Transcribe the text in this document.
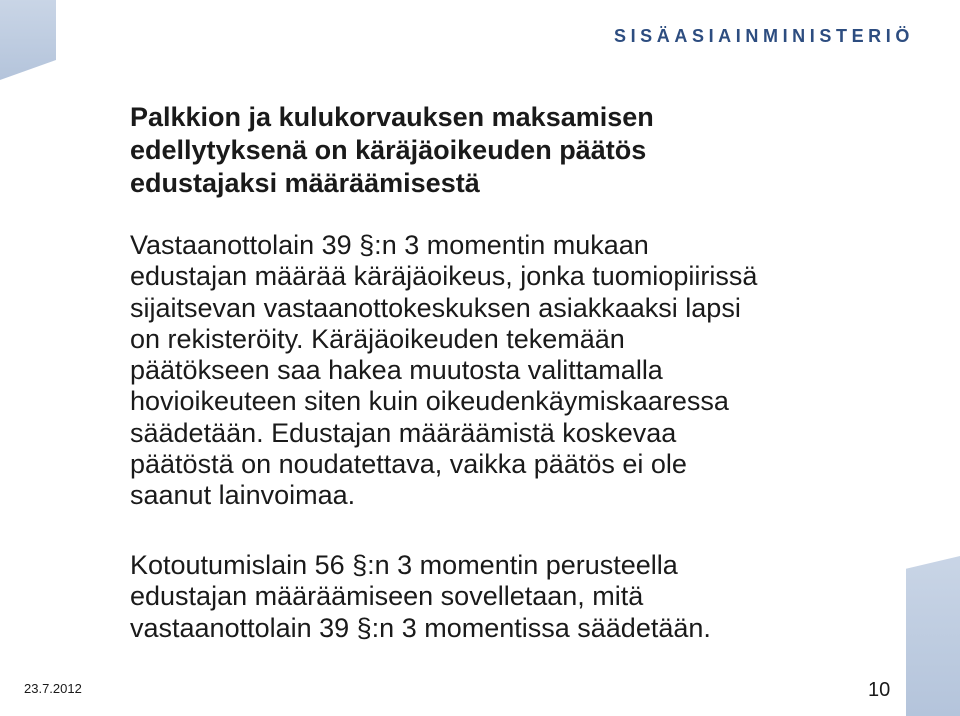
SISÄASIAINMINISTERIÖ
Palkkion ja kulukorvauksen maksamisen
edellytyksenä on käräjäoikeuden päätös
edustajaksi määräämisestä

Vastaanottolain 39 §:n 3 momentin mukaan
edustajan määrää käräjäoikeus, jonka tuomiopiirissä
sijaitsevan vastaanottokeskuksen asiakkaaksi lapsi
on rekisteröity. Käräjäoikeuden tekemään
päätökseen saa hakea muutosta valittamalla
hovioikeuteen siten kuin oikeudenkäymiskaaressa
säädetään. Edustajan määräämistä koskevaa
päätöstä on noudatettava, vaikka päätös ei ole
saanut lainvoimaa.

Kotoutumislain 56 §:n 3 momentin perusteella
edustajan määräämiseen sovelletaan, mitä
vastaanottolain 39 §:n 3 momentissa säädetään.

23.7.2012	10
